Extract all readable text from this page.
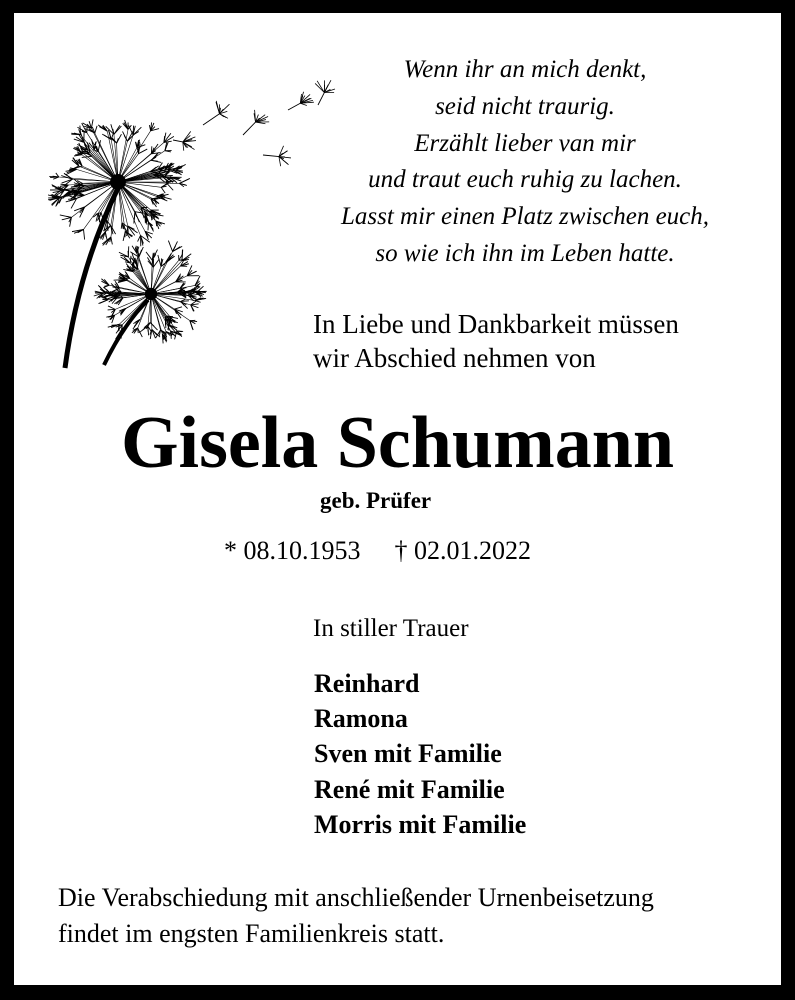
Wenn ihr an mich denkt,
seid nicht traurig.
Erzählt lieber van mir
und traut euch ruhig zu lachen.
Lasst mir einen Platz zwischen euch,
so wie ich ihn im Leben hatte.
In Liebe und Dankbarkeit müssen
wir Abschied nehmen von
Gisela Schumann
geb. Prüfer
* 08.10.1953 † 02.01.2022
In stiller Trauer
Reinhard
Ramona
Sven mit Familie
René mit Familie
Morris mit Familie
Die Verabschiedung mit anschließender Urnenbeisetzung
findet im engsten Familienkreis statt.
